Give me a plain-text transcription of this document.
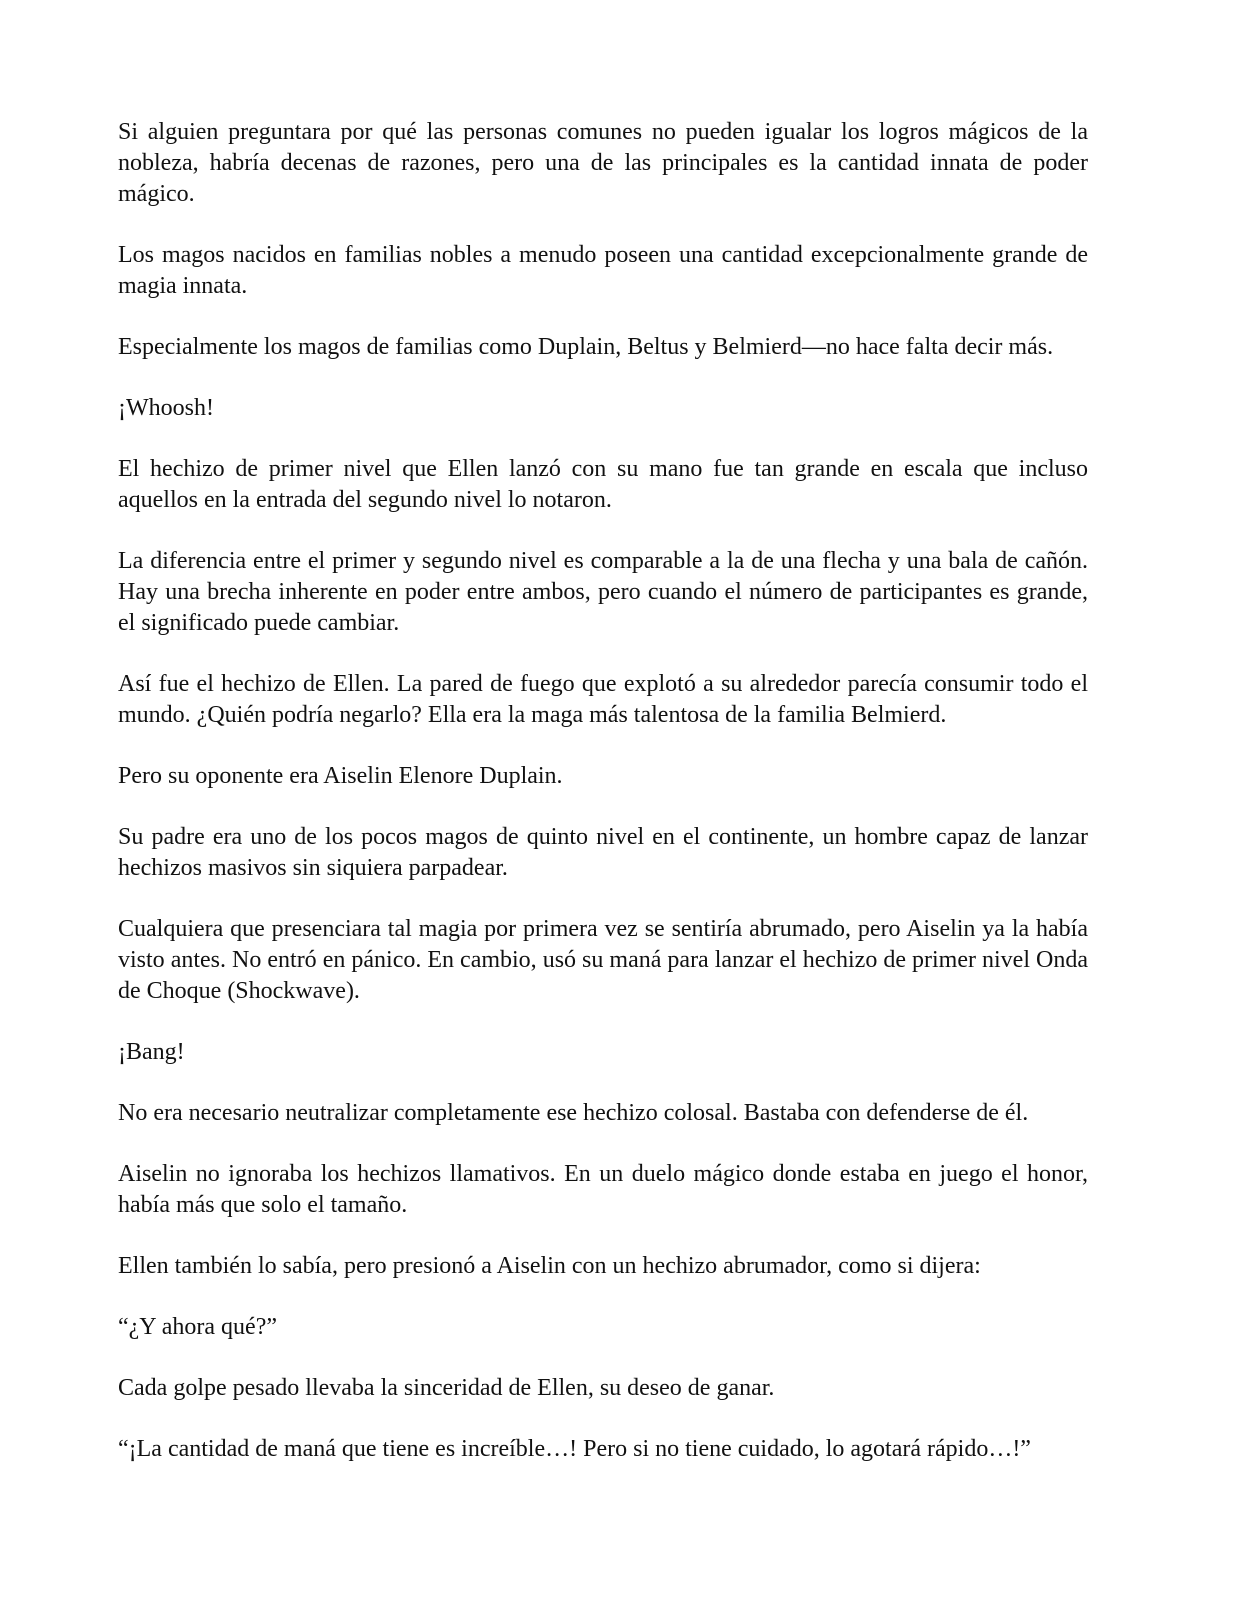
Si alguien preguntara por qué las personas comunes no pueden igualar los logros mágicos de la nobleza, habría decenas de razones, pero una de las principales es la cantidad innata de poder mágico.

Los magos nacidos en familias nobles a menudo poseen una cantidad excepcionalmente grande de magia innata.

Especialmente los magos de familias como Duplain, Beltus y Belmierd—no hace falta decir más.

¡Whoosh!

El hechizo de primer nivel que Ellen lanzó con su mano fue tan grande en escala que incluso aquellos en la entrada del segundo nivel lo notaron.

La diferencia entre el primer y segundo nivel es comparable a la de una flecha y una bala de cañón. Hay una brecha inherente en poder entre ambos, pero cuando el número de participantes es grande, el significado puede cambiar.

Así fue el hechizo de Ellen. La pared de fuego que explotó a su alrededor parecía consumir todo el mundo. ¿Quién podría negarlo? Ella era la maga más talentosa de la familia Belmierd.

Pero su oponente era Aiselin Elenore Duplain.

Su padre era uno de los pocos magos de quinto nivel en el continente, un hombre capaz de lanzar hechizos masivos sin siquiera parpadear.

Cualquiera que presenciara tal magia por primera vez se sentiría abrumado, pero Aiselin ya la había visto antes. No entró en pánico. En cambio, usó su maná para lanzar el hechizo de primer nivel Onda de Choque (Shockwave).

¡Bang!

No era necesario neutralizar completamente ese hechizo colosal. Bastaba con defenderse de él.

Aiselin no ignoraba los hechizos llamativos. En un duelo mágico donde estaba en juego el honor, había más que solo el tamaño.

Ellen también lo sabía, pero presionó a Aiselin con un hechizo abrumador, como si dijera:

“¿Y ahora qué?”

Cada golpe pesado llevaba la sinceridad de Ellen, su deseo de ganar.

“¡La cantidad de maná que tiene es increíble…! Pero si no tiene cuidado, lo agotará rápido…!”
